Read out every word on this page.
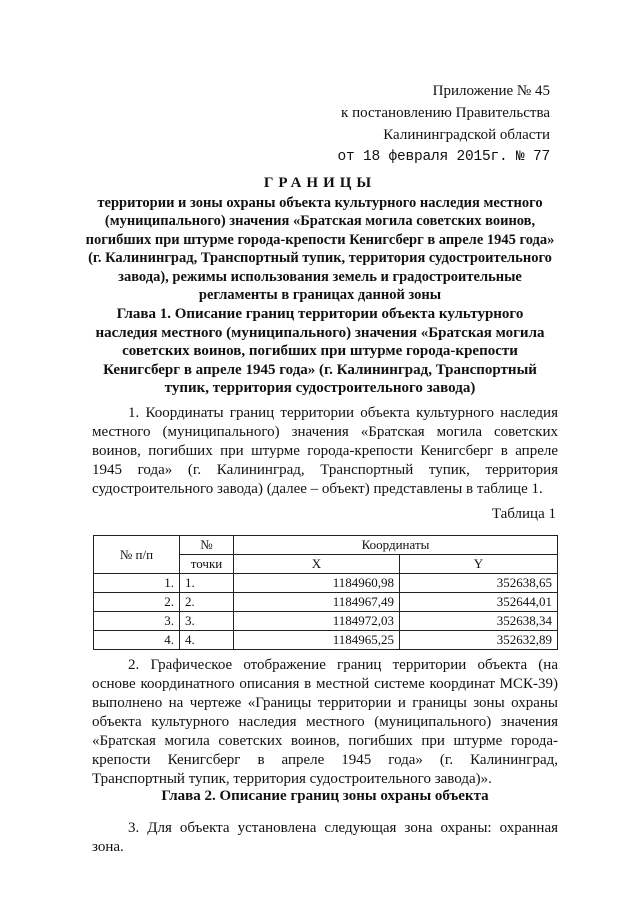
Приложение № 45
к постановлению Правительства
Калининградской области
от 18 февраля 2015г. № 77
ГРАНИЦЫ
территории и зоны охраны объекта культурного наследия местного (муниципального) значения «Братская могила советских воинов, погибших при штурме города-крепости Кенигсберг в апреле 1945 года» (г. Калининград, Транспортный тупик, территория судостроительного завода), режимы использования земель и градостроительные регламенты в границах данной зоны
Глава 1. Описание границ территории объекта культурного наследия местного (муниципального) значения «Братская могила советских воинов, погибших при штурме города-крепости Кенигсберг в апреле 1945 года» (г. Калининград, Транспортный тупик, территория судостроительного завода)
1. Координаты границ территории объекта культурного наследия местного (муниципального) значения «Братская могила советских воинов, погибших при штурме города-крепости Кенигсберг в апреле 1945 года» (г. Калининград, Транспортный тупик, территория судостроительного завода) (далее – объект) представлены в таблице 1.
Таблица 1
№ п/п	№	Координаты	
	точки	X	Y
1.	1.	1184960,98	352638,65
2.	2.	1184967,49	352644,01
3.	3.	1184972,03	352638,34
4.	4.	1184965,25	352632,89
2. Графическое отображение границ территории объекта (на основе координатного описания в местной системе координат МСК-39) выполнено на чертеже «Границы территории и границы зоны охраны объекта культурного наследия местного (муниципального) значения «Братская могила советских воинов, погибших при штурме города-крепости Кенигсберг в апреле 1945 года» (г. Калининград, Транспортный тупик, территория судостроительного завода)».
Глава 2. Описание границ зоны охраны объекта
3. Для объекта установлена следующая зона охраны: охранная зона.
